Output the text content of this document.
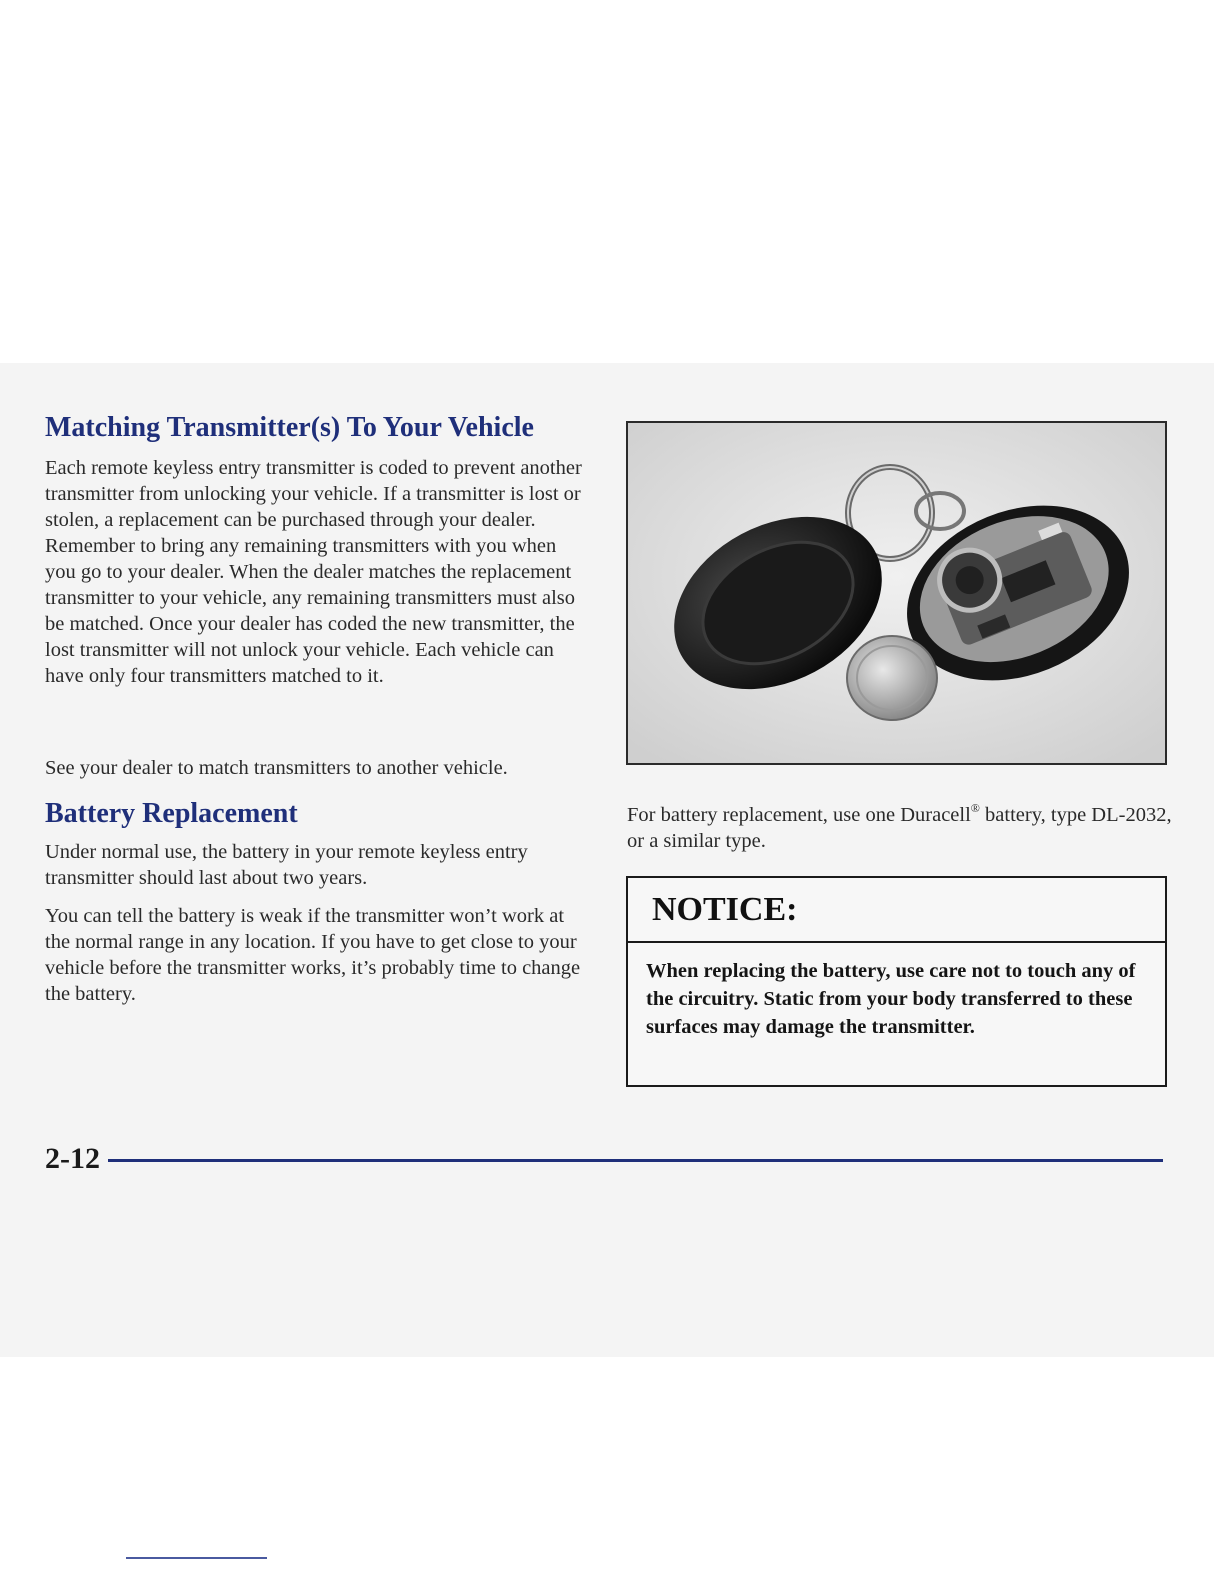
Matching Transmitter(s) To Your Vehicle

Each remote keyless entry transmitter is coded to prevent another transmitter from unlocking your vehicle. If a transmitter is lost or stolen, a replacement can be purchased through your dealer. Remember to bring any remaining transmitters with you when you go to your dealer. When the dealer matches the replacement transmitter to your vehicle, any remaining transmitters must also be matched. Once your dealer has coded the new transmitter, the lost transmitter will not unlock your vehicle. Each vehicle can have only four transmitters matched to it.

See your dealer to match transmitters to another vehicle.

Battery Replacement

Under normal use, the battery in your remote keyless entry transmitter should last about two years.

You can tell the battery is weak if the transmitter won’t work at the normal range in any location. If you have to get close to your vehicle before the transmitter works, it’s probably time to change the battery.

For battery replacement, use one Duracell® battery, type DL-2032, or a similar type.

NOTICE:
When replacing the battery, use care not to touch any of the circuitry. Static from your body transferred to these surfaces may damage the transmitter.
2-12
